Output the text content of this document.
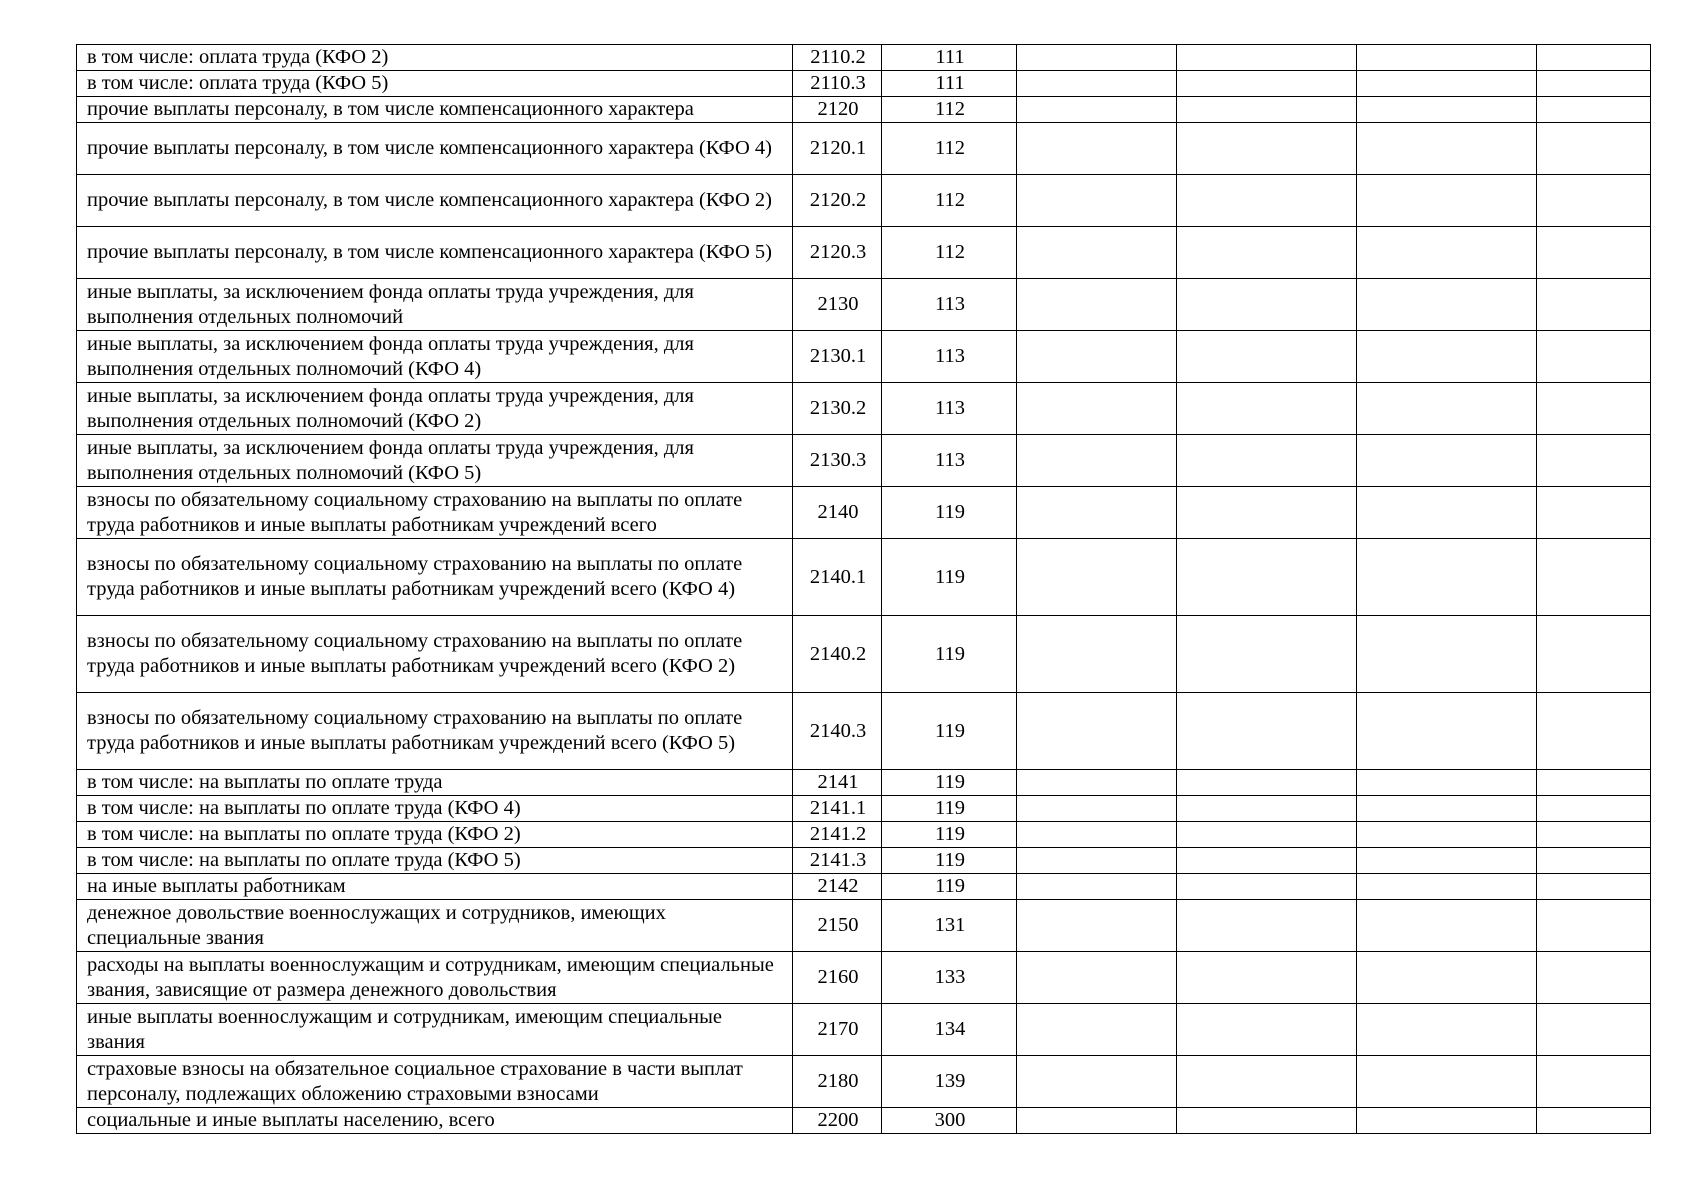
в том числе: оплата труда (КФО 2)	2110.2	111				
в том числе: оплата труда (КФО 5)	2110.3	111				
прочие выплаты персоналу, в том числе компенсационного характера	2120	112				
прочие выплаты персоналу, в том числе компенсационного характера (КФО 4)	2120.1	112				
прочие выплаты персоналу, в том числе компенсационного характера (КФО 2)	2120.2	112				
прочие выплаты персоналу, в том числе компенсационного характера (КФО 5)	2120.3	112				
иные выплаты, за исключением фонда оплаты труда учреждения, для выполнения отдельных полномочий	2130	113				
иные выплаты, за исключением фонда оплаты труда учреждения, для выполнения отдельных полномочий (КФО 4)	2130.1	113				
иные выплаты, за исключением фонда оплаты труда учреждения, для выполнения отдельных полномочий (КФО 2)	2130.2	113				
иные выплаты, за исключением фонда оплаты труда учреждения, для выполнения отдельных полномочий (КФО 5)	2130.3	113				
взносы по обязательному социальному страхованию на выплаты по оплате труда работников и иные выплаты работникам учреждений всего	2140	119				
взносы по обязательному социальному страхованию на выплаты по оплате труда работников и иные выплаты работникам учреждений всего (КФО 4)	2140.1	119				
взносы по обязательному социальному страхованию на выплаты по оплате труда работников и иные выплаты работникам учреждений всего (КФО 2)	2140.2	119				
взносы по обязательному социальному страхованию на выплаты по оплате труда работников и иные выплаты работникам учреждений всего (КФО 5)	2140.3	119				
в том числе: на выплаты по оплате труда	2141	119				
в том числе: на выплаты по оплате труда (КФО 4)	2141.1	119				
в том числе: на выплаты по оплате труда (КФО 2)	2141.2	119				
в том числе: на выплаты по оплате труда (КФО 5)	2141.3	119				
на иные выплаты работникам	2142	119				
денежное довольствие военнослужащих и сотрудников, имеющих специальные звания	2150	131				
расходы на выплаты военнослужащим и сотрудникам, имеющим специальные звания, зависящие от размера денежного довольствия	2160	133				
иные выплаты военнослужащим и сотрудникам, имеющим специальные звания	2170	134				
страховые взносы на обязательное социальное страхование в части выплат персоналу, подлежащих обложению страховыми взносами	2180	139				
социальные и иные выплаты населению, всего	2200	300				
